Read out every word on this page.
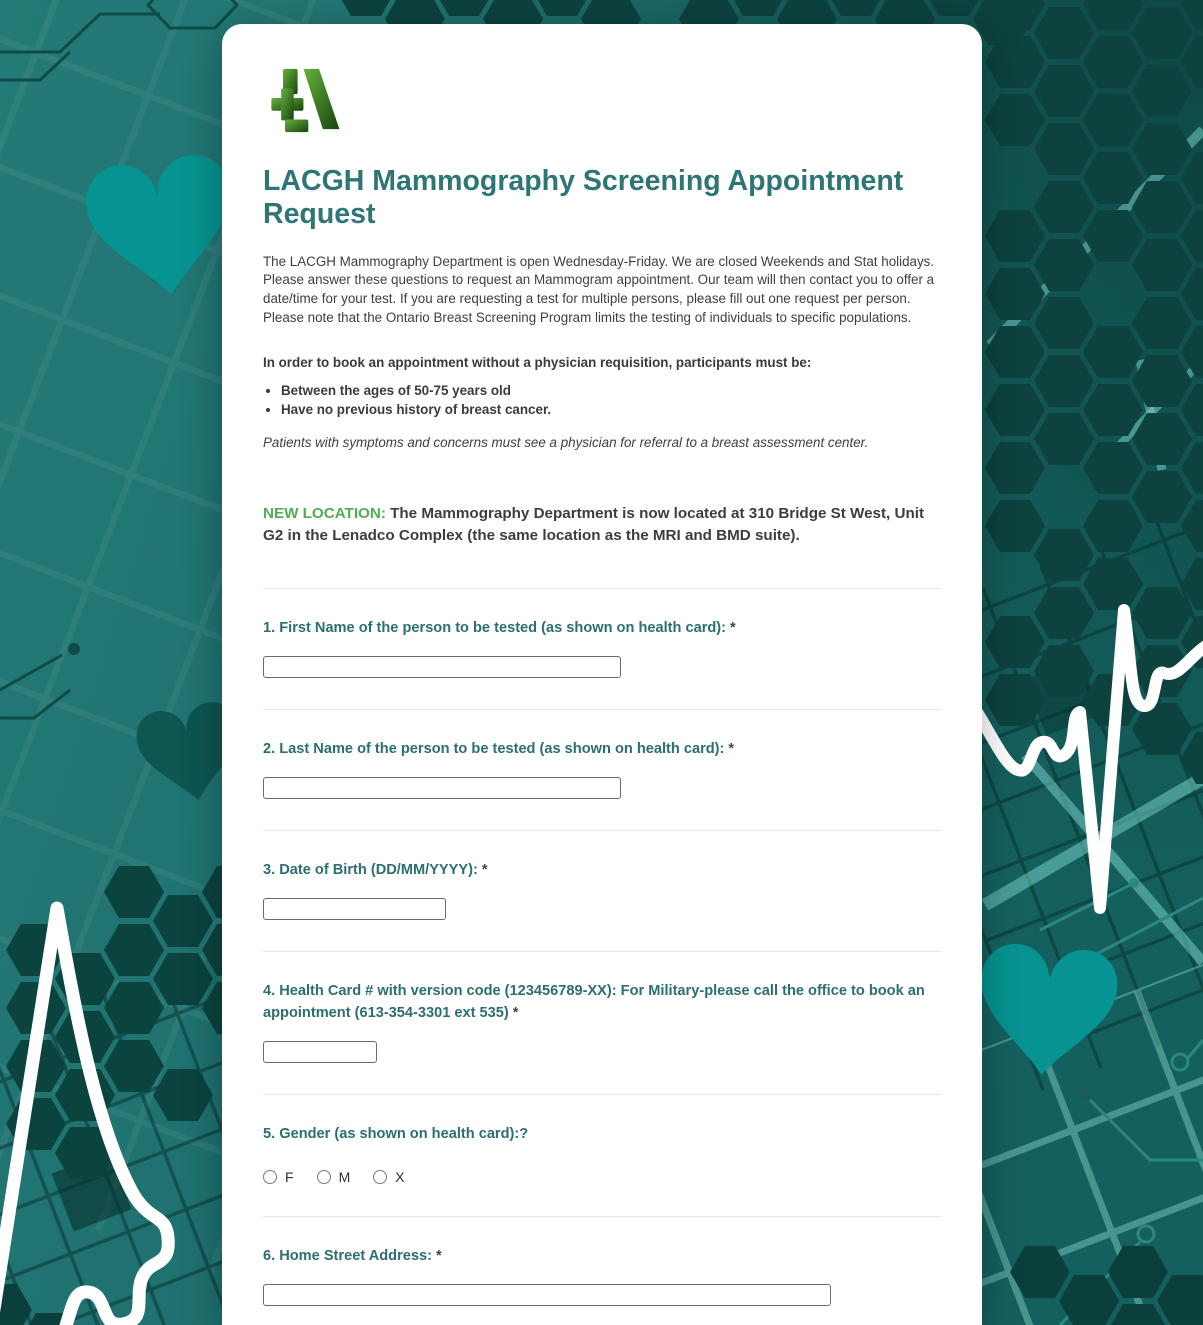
LACGH Mammography Screening Appointment Request

The LACGH Mammography Department is open Wednesday-Friday. We are closed Weekends and Stat holidays. Please answer these questions to request an Mammogram appointment. Our team will then contact you to offer a date/time for your test. If you are requesting a test for multiple persons, please fill out one request per person. Please note that the Ontario Breast Screening Program limits the testing of individuals to specific populations.

In order to book an appointment without a physician requisition, participants must be:

• Between the ages of 50-75 years old
• Have no previous history of breast cancer.

Patients with symptoms and concerns must see a physician for referral to a breast assessment center.

NEW LOCATION: The Mammography Department is now located at 310 Bridge St West, Unit G2 in the Lenadco Complex (the same location as the MRI and BMD suite).

1. First Name of the person to be tested (as shown on health card): *
2. Last Name of the person to be tested (as shown on health card): *
3. Date of Birth (DD/MM/YYYY): *
4. Health Card # with version code (123456789-XX): For Military-please call the office to book an appointment (613-354-3301 ext 535) *
5. Gender (as shown on health card):?
F	M	X
6. Home Street Address: *
